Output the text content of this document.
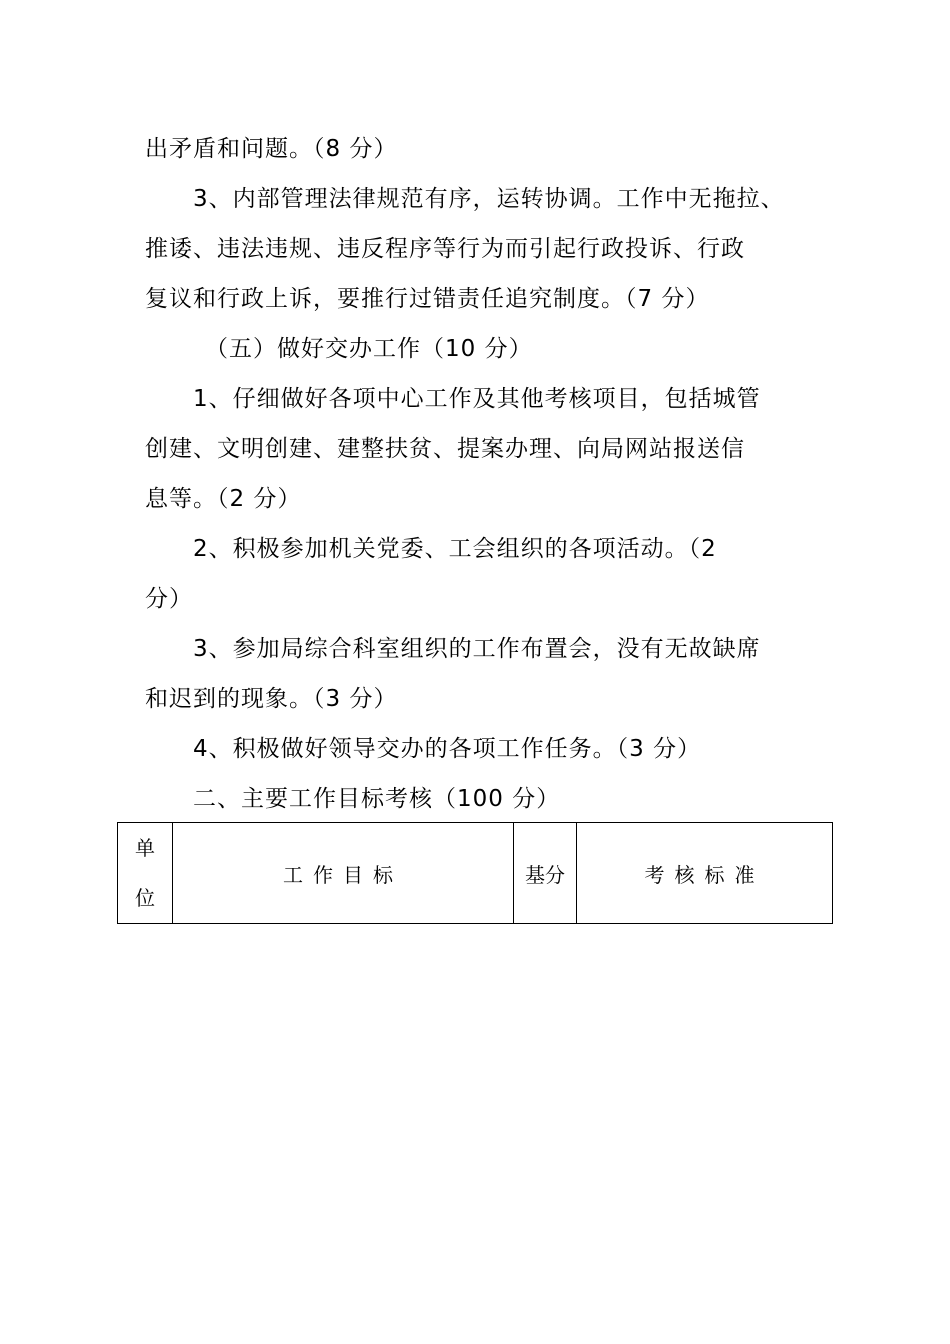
出矛盾和问题。（8 分）
3、内部管理法律规范有序，运转协调。工作中无拖拉、
推诿、违法违规、违反程序等行为而引起行政投诉、行政
复议和行政上诉，要推行过错责任追究制度。（7 分）
（五）做好交办工作（10 分）
1、仔细做好各项中心工作及其他考核项目，包括城管
创建、文明创建、建整扶贫、提案办理、向局网站报送信
息等。（2 分）
2、积极参加机关党委、工会组织的各项活动。（2
分）
3、参加局综合科室组织的工作布置会，没有无故缺席
和迟到的现象。（3 分）
4、积极做好领导交办的各项工作任务。（3 分）
二、主要工作目标考核（100 分）
单
位
	工作目标	基分	考核标准
